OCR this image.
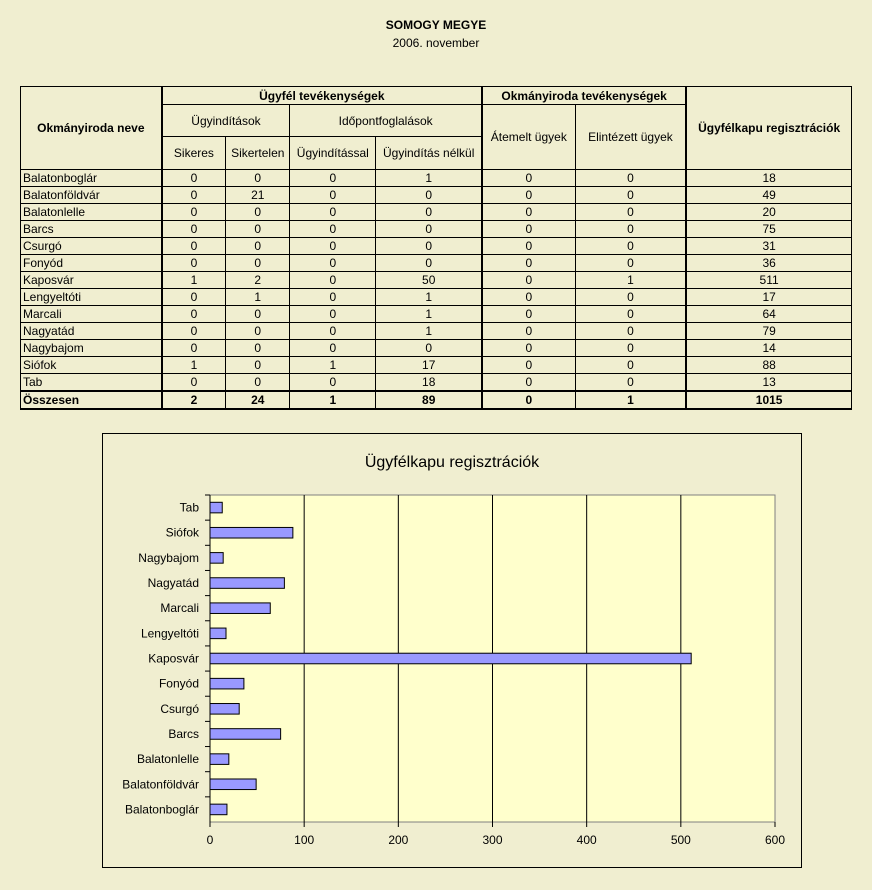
SOMOGY MEGYE
2006. november
Okmányiroda neve	Ügyfél tevékenységek				Okmányiroda tevékenységek		Ügyfélkapu regisztrációk
	Ügyindítások		Időpontfoglalások		Átemelt ügyek	Elintézett ügyek	
	Sikeres	Sikertelen	Ügyindítással	Ügyindítás nélkül			
Balatonboglár	0	0	0	1	0	0	18
Balatonföldvár	0	21	0	0	0	0	49
Balatonlelle	0	0	0	0	0	0	20
Barcs	0	0	0	0	0	0	75
Csurgó	0	0	0	0	0	0	31
Fonyód	0	0	0	0	0	0	36
Kaposvár	1	2	0	50	0	1	511
Lengyeltóti	0	1	0	1	0	0	17
Marcali	0	0	0	1	0	0	64
Nagyatád	0	0	0	1	0	0	79
Nagybajom	0	0	0	0	0	0	14
Siófok	1	0	1	17	0	0	88
Tab	0	0	0	18	0	0	13
Összesen	2	24	1	89	0	1	1015
Ügyfélkapu regisztrációk
0	100	200	300	400	500	600
Tab
Siófok
Nagybajom
Nagyatád
Marcali
Lengyeltóti
Kaposvár
Fonyód
Csurgó
Barcs
Balatonlelle
Balatonföldvár
Balatonboglár
